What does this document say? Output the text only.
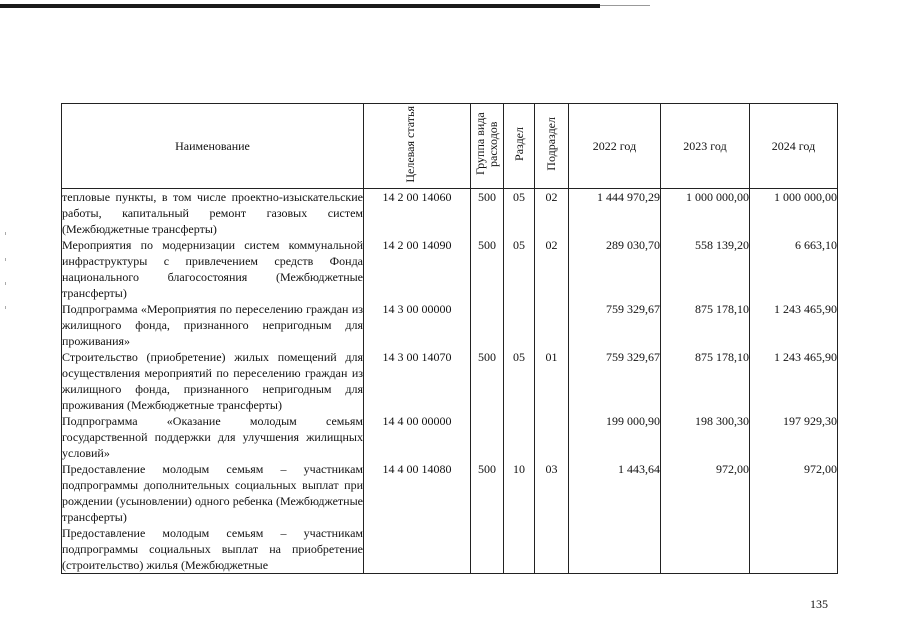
Наименование	Целевая статья	Группа вида расходов	Раздел	Подраздел	2022 год	2023 год	2024 год
тепловые пункты, в том числе проектно-изыскательские работы, капитальный ремонт газовых систем (Межбюджетные трансферты)	14 2 00 14060	500	05	02	1 444 970,29	1 000 000,00	1 000 000,00
Мероприятия по модернизации систем коммунальной инфраструктуры с привлечением средств Фонда национального благосостояния (Межбюджетные трансферты)	14 2 00 14090	500	05	02	289 030,70	558 139,20	6 663,10
Подпрограмма «Мероприятия по переселению граждан из жилищного фонда, признанного непригодным для проживания»	14 3 00 00000				759 329,67	875 178,10	1 243 465,90
Строительство (приобретение) жилых помещений для осуществления мероприятий по переселению граждан из жилищного фонда, признанного непригодным для проживания (Межбюджетные трансферты)	14 3 00 14070	500	05	01	759 329,67	875 178,10	1 243 465,90
Подпрограмма «Оказание молодым семьям государственной поддержки для улучшения жилищных условий»	14 4 00 00000				199 000,90	198 300,30	197 929,30
Предоставление молодым семьям – участникам подпрограммы дополнительных социальных выплат при рождении (усыновлении) одного ребенка (Межбюджетные трансферты)	14 4 00 14080	500	10	03	1 443,64	972,00	972,00
Предоставление молодым семьям – участникам подпрограммы социальных выплат на приобретение (строительство) жилья (Межбюджетные							
135
